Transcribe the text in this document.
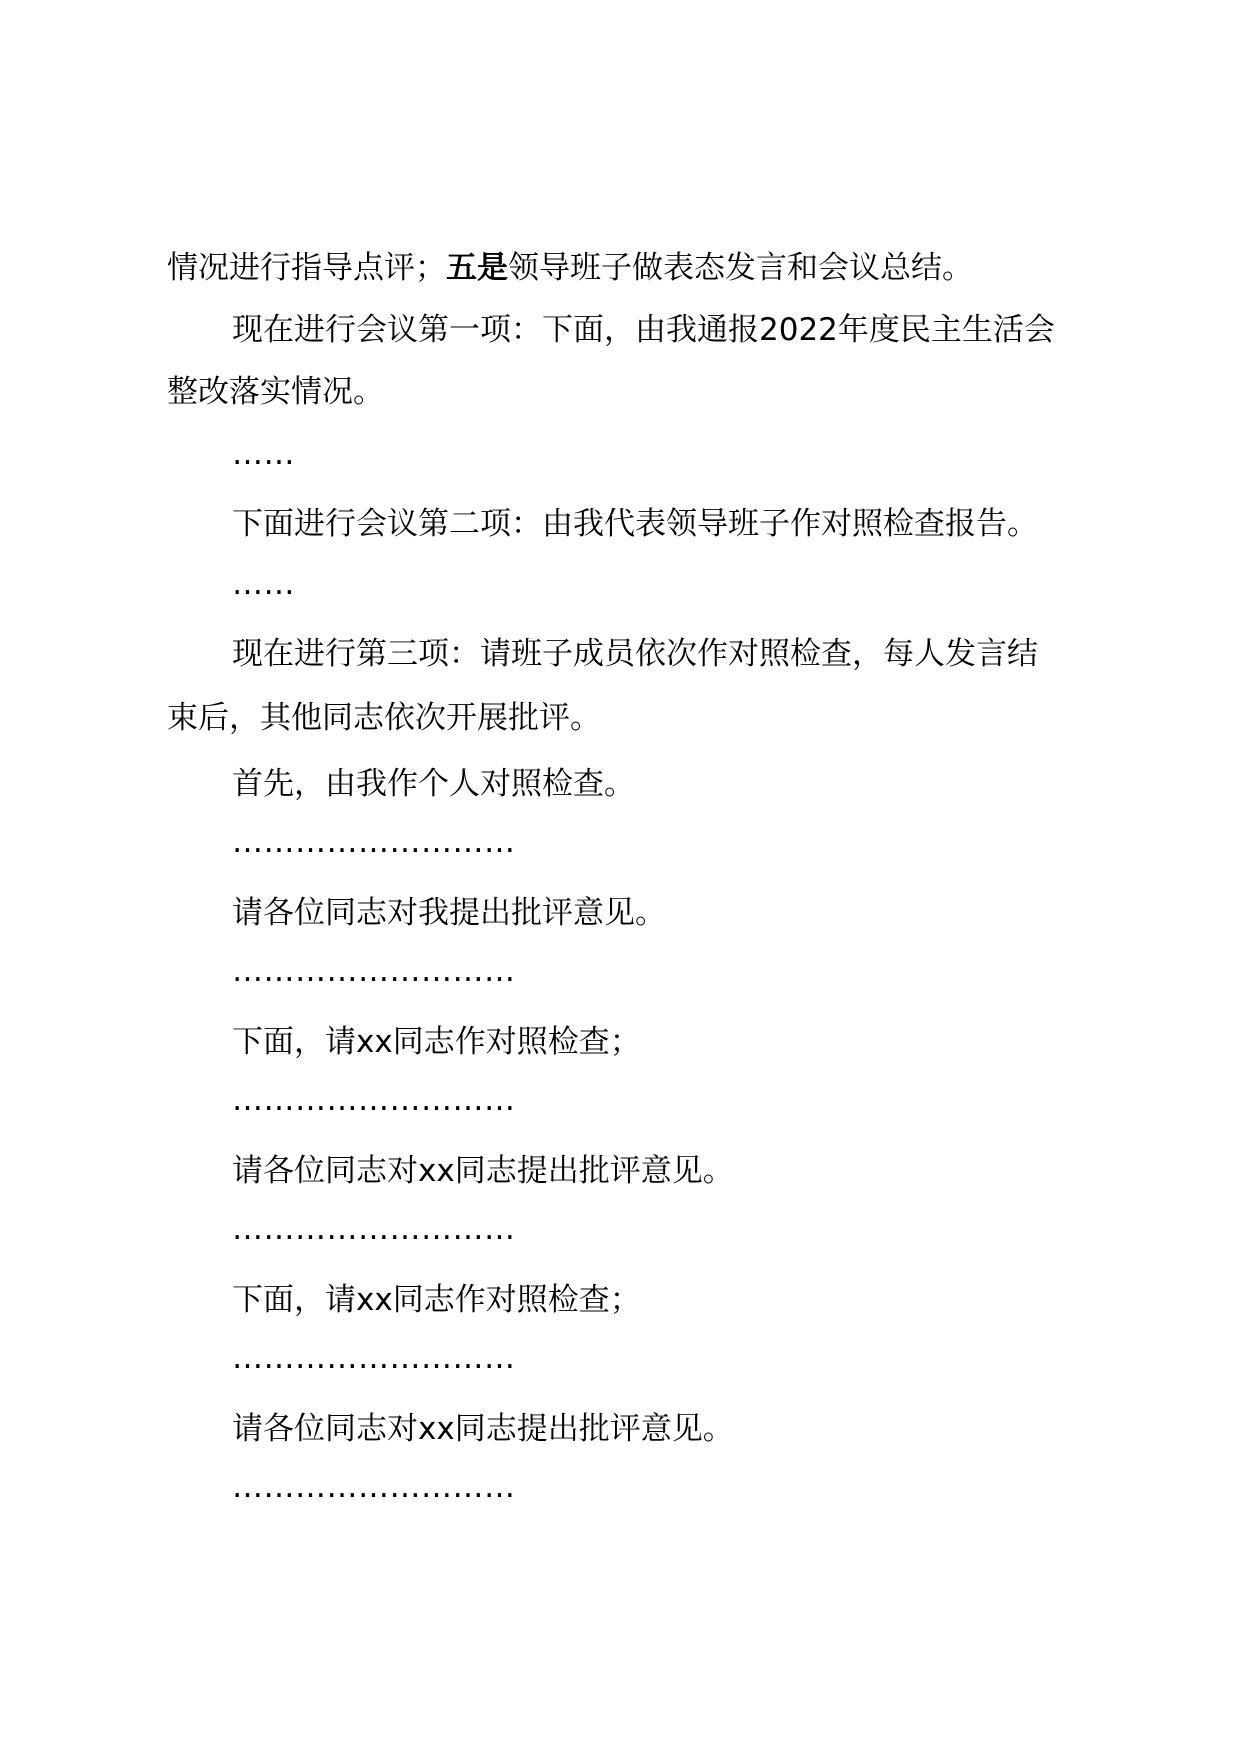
情况进行指导点评；五是领导班子做表态发言和会议总结。
现在进行会议第一项：下面，由我通报2022年度民主生活会
整改落实情况。
……
下面进行会议第二项：由我代表领导班子作对照检查报告。
……
现在进行第三项：请班子成员依次作对照检查，每人发言结
束后，其他同志依次开展批评。
首先，由我作个人对照检查。
………………………
请各位同志对我提出批评意见。
………………………
下面，请xx同志作对照检查；
………………………
请各位同志对xx同志提出批评意见。
………………………
下面，请xx同志作对照检查；
………………………
请各位同志对xx同志提出批评意见。
………………………
